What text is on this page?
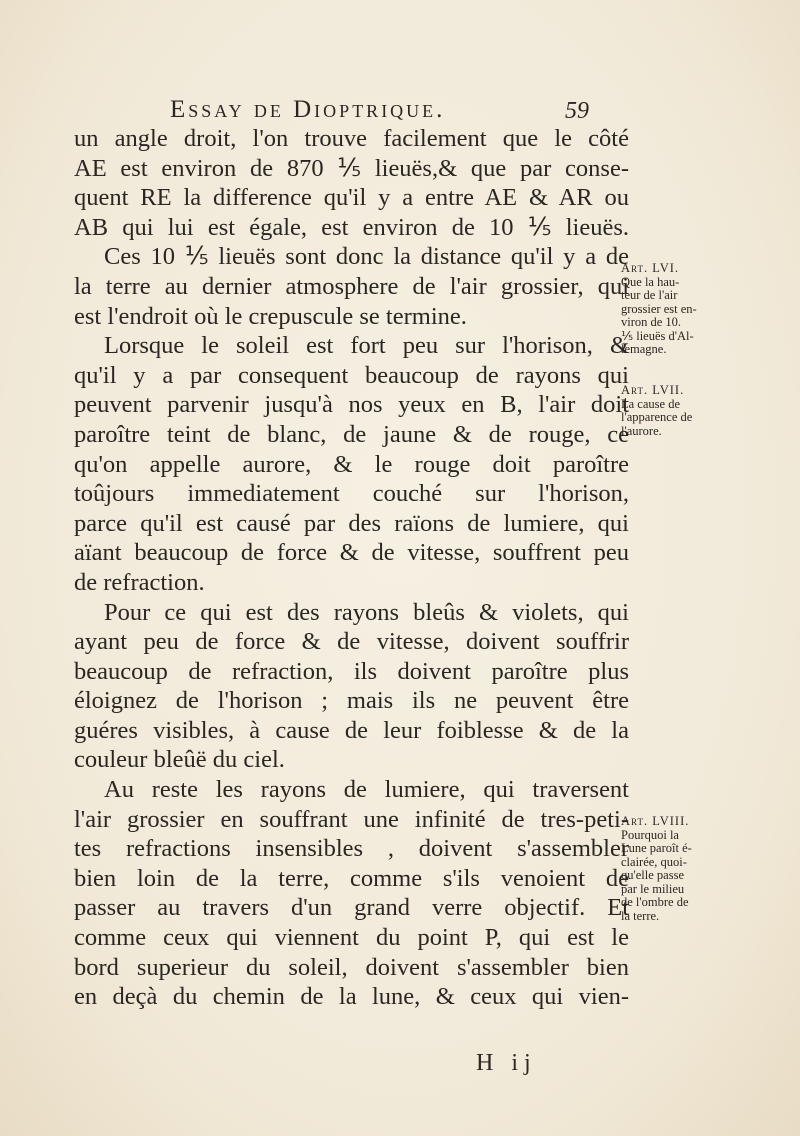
Essay de Dioptrique.	59
un angle droit, l'on trouve facilement que le côté
AE est environ de 870 ⅕ lieuës,& que par conse-
quent RE la difference qu'il y a entre AE & AR ou
AB qui lui est égale, est environ de 10 ⅕ lieuës.
Ces 10 ⅕ lieuës sont donc la distance qu'il y a de
la terre au dernier atmosphere de l'air grossier, qui
est l'endroit où le crepuscule se termine.
Lorsque le soleil est fort peu sur l'horison, &
qu'il y a par consequent beaucoup de rayons qui
peuvent parvenir jusqu'à nos yeux en B, l'air doit
paroître teint de blanc, de jaune & de rouge, ce
qu'on appelle aurore, & le rouge doit paroître
toûjours immediatement couché sur l'horison,
parce qu'il est causé par des raïons de lumiere, qui
aïant beaucoup de force & de vitesse, souffrent peu
de refraction.
Pour ce qui est des rayons bleûs & violets, qui
ayant peu de force & de vitesse, doivent souffrir
beaucoup de refraction, ils doivent paroître plus
éloignez de l'horison ; mais ils ne peuvent être
guéres visibles, à cause de leur foiblesse & de la
couleur bleûë du ciel.
Au reste les rayons de lumiere, qui traversent
l'air grossier en souffrant une infinité de tres-peti-
tes refractions insensibles , doivent s'assembler
bien loin de la terre, comme s'ils venoient de
passer au travers d'un grand verre objectif. Et
comme ceux qui viennent du point P, qui est le
bord superieur du soleil, doivent s'assembler bien
en deçà du chemin de la lune, & ceux qui vien-
Art. LVI.
Que la hau-
teur de l'air
grossier est en-
viron de 10.
⅕ lieuës d'Al-
lemagne.
Art. LVII.
La cause de
l'apparence de
l'aurore.
Art. LVIII.
Pourquoi la
Lune paroît é-
clairée, quoi-
qu'elle passe
par le milieu
de l'ombre de
la terre.
H ij
